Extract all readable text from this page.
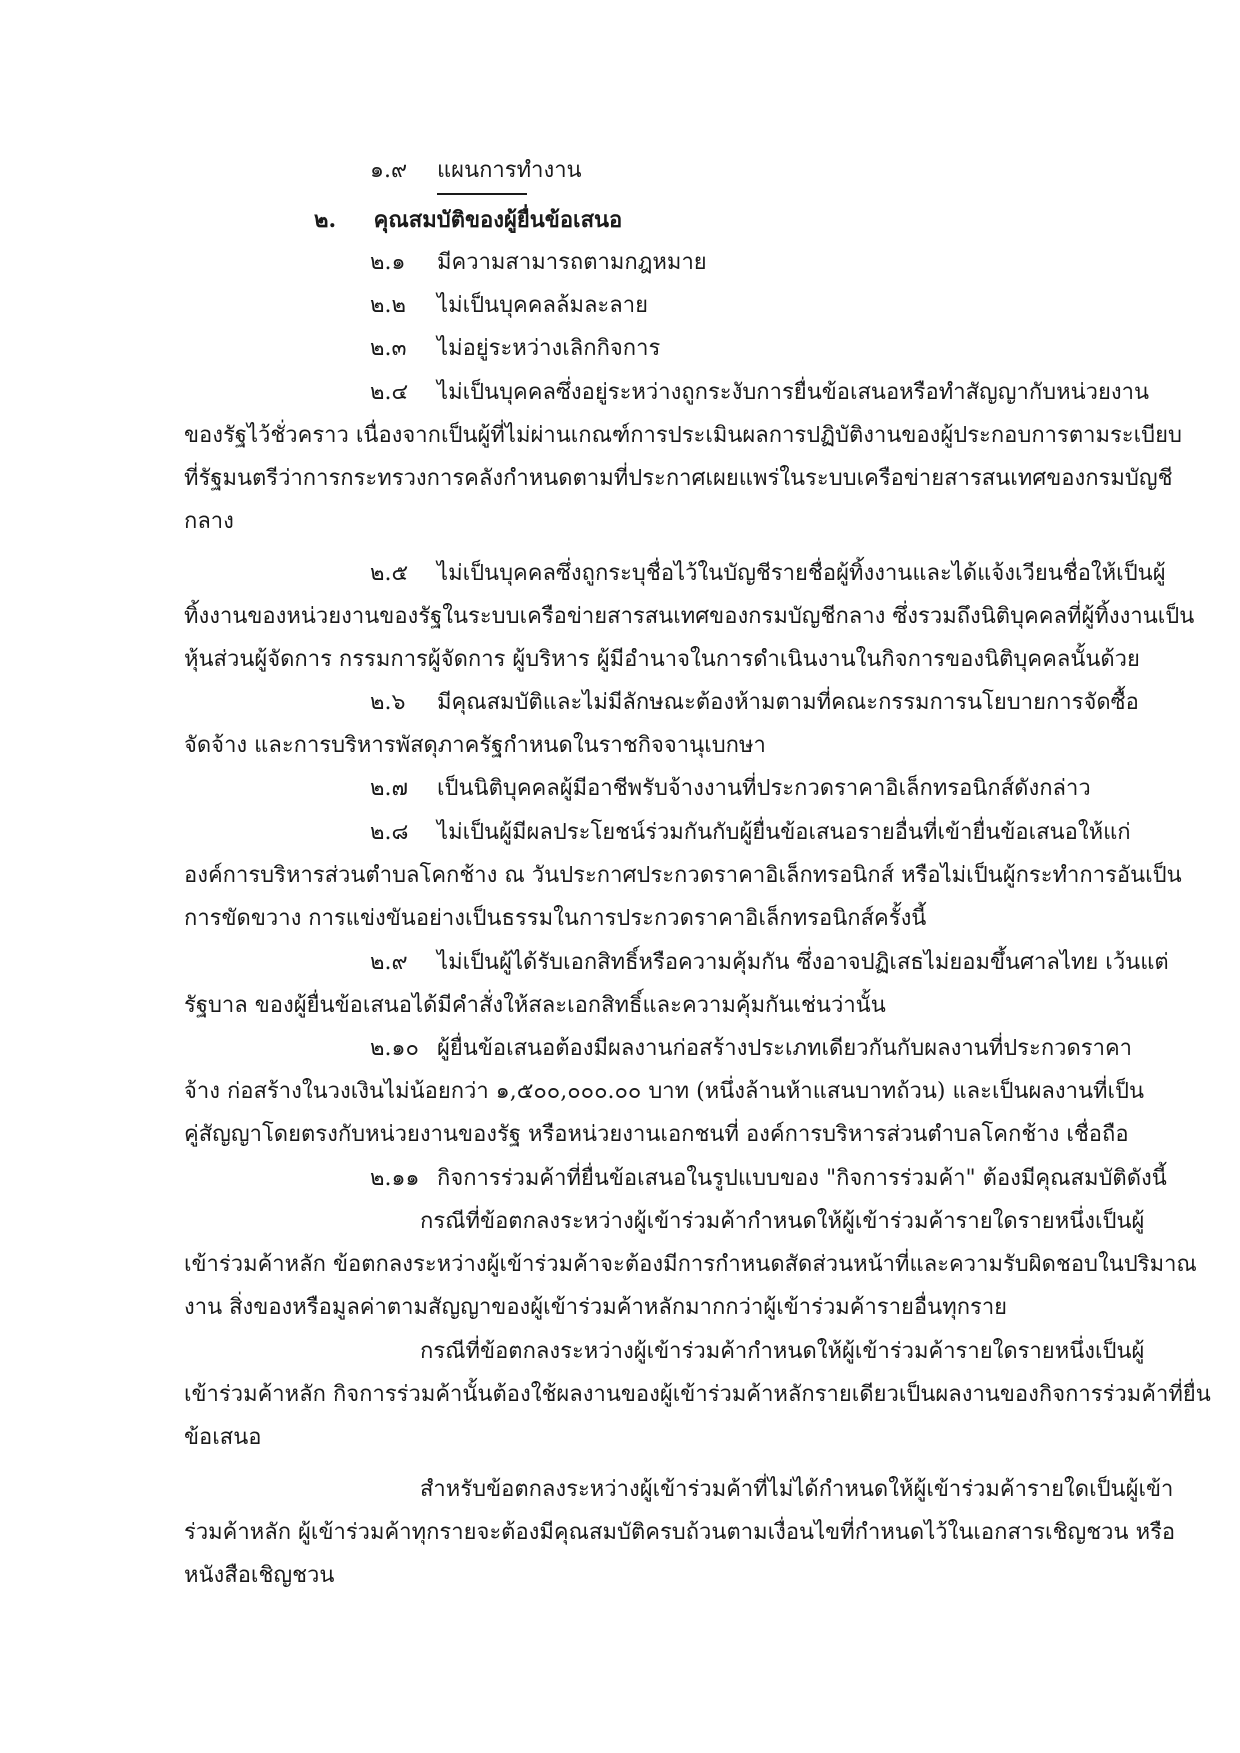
๑.๙ แผนการทำงาน

๒. คุณสมบัติของผู้ยื่นข้อเสนอ

๒.๑ มีความสามารถตามกฎหมาย

๒.๒ ไม่เป็นบุคคลล้มละลาย

๒.๓ ไม่อยู่ระหว่างเลิกกิจการ

๒.๔ ไม่เป็นบุคคลซึ่งอยู่ระหว่างถูกระงับการยื่นข้อเสนอหรือทำสัญญากับหน่วยงาน

ของรัฐไว้ชั่วคราว เนื่องจากเป็นผู้ที่ไม่ผ่านเกณฑ์การประเมินผลการปฏิบัติงานของผู้ประกอบการตามระเบียบ

ที่รัฐมนตรีว่าการกระทรวงการคลังกำหนดตามที่ประกาศเผยแพร่ในระบบเครือข่ายสารสนเทศของกรมบัญชี

กลาง

๒.๕ ไม่เป็นบุคคลซึ่งถูกระบุชื่อไว้ในบัญชีรายชื่อผู้ทิ้งงานและได้แจ้งเวียนชื่อให้เป็นผู้

ทิ้งงานของหน่วยงานของรัฐในระบบเครือข่ายสารสนเทศของกรมบัญชีกลาง ซึ่งรวมถึงนิติบุคคลที่ผู้ทิ้งงานเป็น

หุ้นส่วนผู้จัดการ กรรมการผู้จัดการ ผู้บริหาร ผู้มีอำนาจในการดำเนินงานในกิจการของนิติบุคคลนั้นด้วย

๒.๖ มีคุณสมบัติและไม่มีลักษณะต้องห้ามตามที่คณะกรรมการนโยบายการจัดซื้อ

จัดจ้าง และการบริหารพัสดุภาครัฐกำหนดในราชกิจจานุเบกษา

๒.๗ เป็นนิติบุคคลผู้มีอาชีพรับจ้างงานที่ประกวดราคาอิเล็กทรอนิกส์ดังกล่าว

๒.๘ ไม่เป็นผู้มีผลประโยชน์ร่วมกันกับผู้ยื่นข้อเสนอรายอื่นที่เข้ายื่นข้อเสนอให้แก่

องค์การบริหารส่วนตำบลโคกช้าง ณ วันประกาศประกวดราคาอิเล็กทรอนิกส์ หรือไม่เป็นผู้กระทำการอันเป็น

การขัดขวาง การแข่งขันอย่างเป็นธรรมในการประกวดราคาอิเล็กทรอนิกส์ครั้งนี้

๒.๙ ไม่เป็นผู้ได้รับเอกสิทธิ์หรือความคุ้มกัน ซึ่งอาจปฏิเสธไม่ยอมขึ้นศาลไทย เว้นแต่

รัฐบาล ของผู้ยื่นข้อเสนอได้มีคำสั่งให้สละเอกสิทธิ์และความคุ้มกันเช่นว่านั้น

๒.๑๐ ผู้ยื่นข้อเสนอต้องมีผลงานก่อสร้างประเภทเดียวกันกับผลงานที่ประกวดราคา

จ้าง ก่อสร้างในวงเงินไม่น้อยกว่า ๑,๕๐๐,๐๐๐.๐๐ บาท (หนึ่งล้านห้าแสนบาทถ้วน) และเป็นผลงานที่เป็น

คู่สัญญาโดยตรงกับหน่วยงานของรัฐ หรือหน่วยงานเอกชนที่ องค์การบริหารส่วนตำบลโคกช้าง เชื่อถือ

๒.๑๑ กิจการร่วมค้าที่ยื่นข้อเสนอในรูปแบบของ "กิจการร่วมค้า" ต้องมีคุณสมบัติดังนี้

กรณีที่ข้อตกลงระหว่างผู้เข้าร่วมค้ากำหนดให้ผู้เข้าร่วมค้ารายใดรายหนึ่งเป็นผู้

เข้าร่วมค้าหลัก ข้อตกลงระหว่างผู้เข้าร่วมค้าจะต้องมีการกำหนดสัดส่วนหน้าที่และความรับผิดชอบในปริมาณ

งาน สิ่งของหรือมูลค่าตามสัญญาของผู้เข้าร่วมค้าหลักมากกว่าผู้เข้าร่วมค้ารายอื่นทุกราย

กรณีที่ข้อตกลงระหว่างผู้เข้าร่วมค้ากำหนดให้ผู้เข้าร่วมค้ารายใดรายหนึ่งเป็นผู้

เข้าร่วมค้าหลัก กิจการร่วมค้านั้นต้องใช้ผลงานของผู้เข้าร่วมค้าหลักรายเดียวเป็นผลงานของกิจการร่วมค้าที่ยื่น

ข้อเสนอ

สำหรับข้อตกลงระหว่างผู้เข้าร่วมค้าที่ไม่ได้กำหนดให้ผู้เข้าร่วมค้ารายใดเป็นผู้เข้า

ร่วมค้าหลัก ผู้เข้าร่วมค้าทุกรายจะต้องมีคุณสมบัติครบถ้วนตามเงื่อนไขที่กำหนดไว้ในเอกสารเชิญชวน หรือ

หนังสือเชิญชวน
